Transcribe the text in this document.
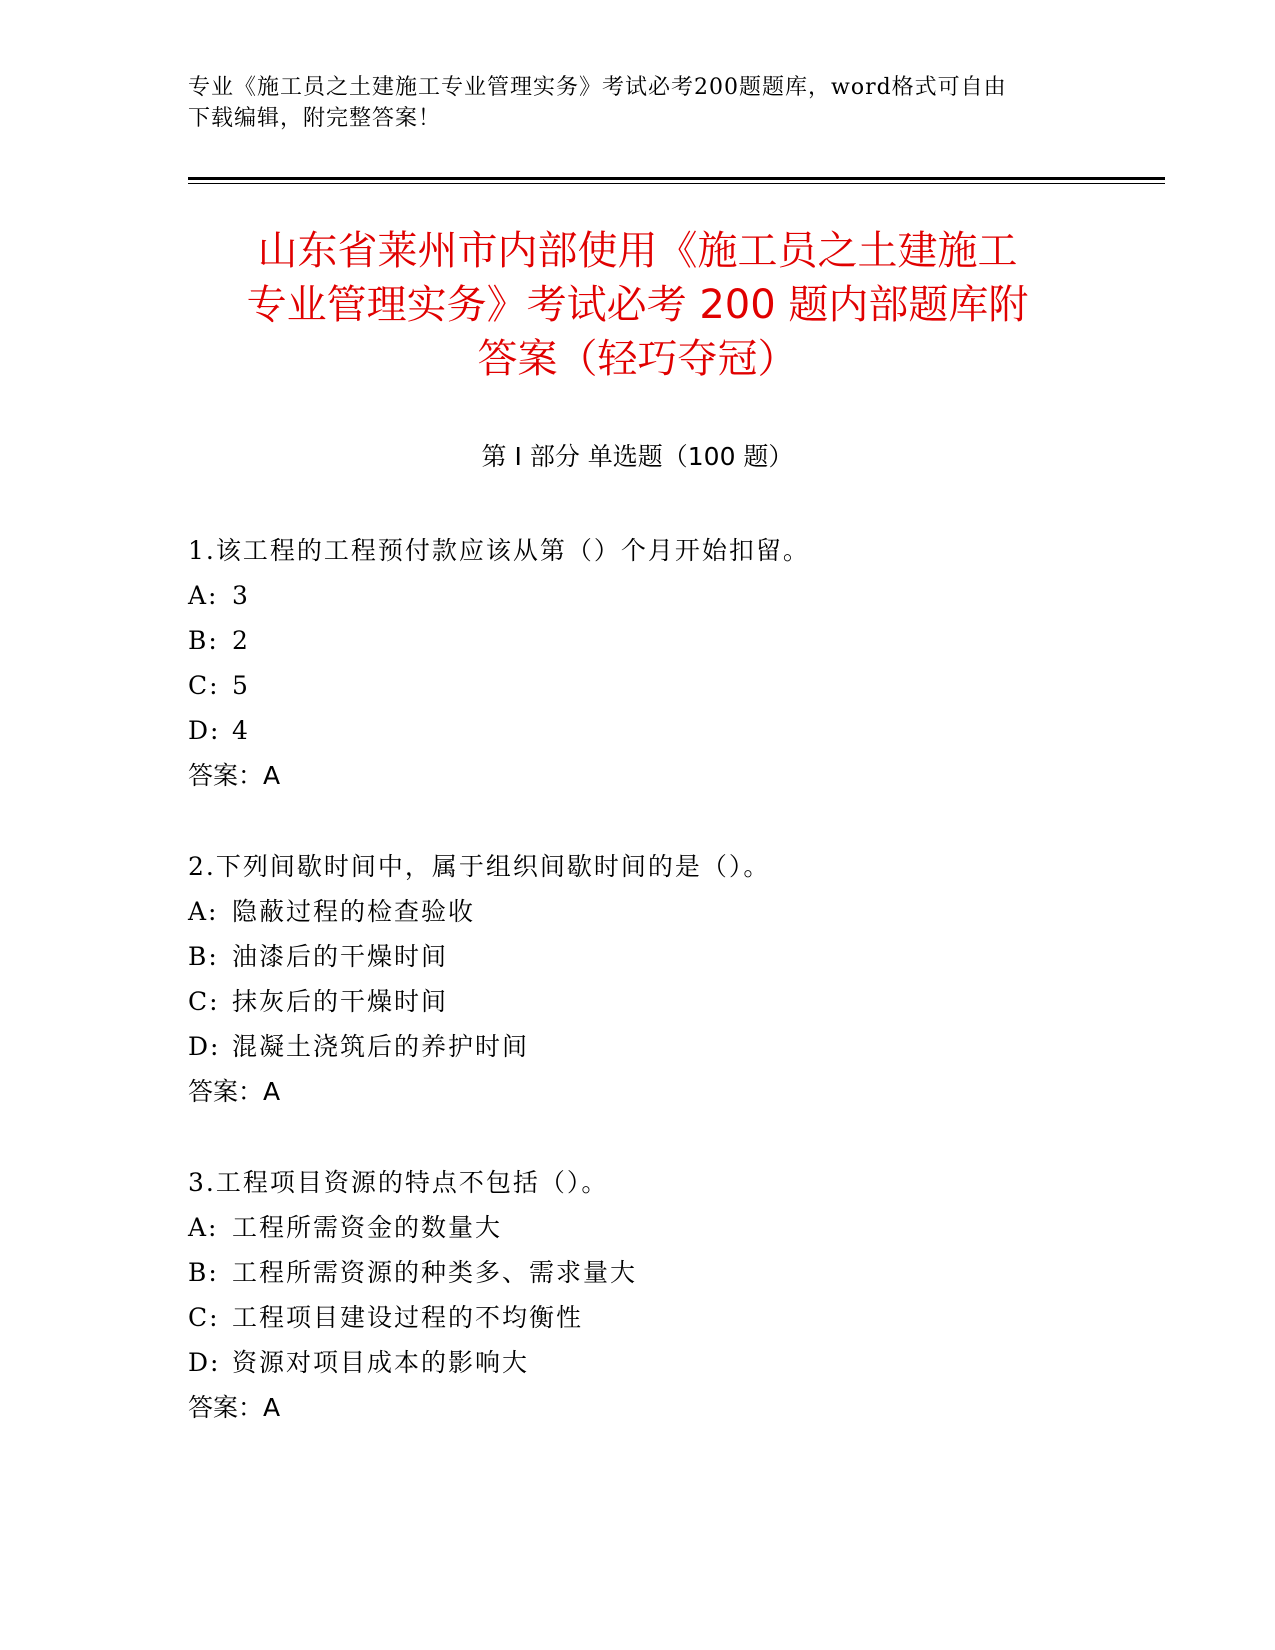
专业《施工员之土建施工专业管理实务》考试必考200题题库，word格式可自由
下载编辑，附完整答案！
山东省莱州市内部使用《施工员之土建施工
专业管理实务》考试必考 200 题内部题库附
答案（轻巧夺冠）
第 I 部分 单选题（100 题）
1.该工程的工程预付款应该从第（）个月开始扣留。
A: 3
B: 2
C: 5
D: 4
答案：A
2.下列间歇时间中，属于组织间歇时间的是（）。
A: 隐蔽过程的检查验收
B: 油漆后的干燥时间
C: 抹灰后的干燥时间
D: 混凝土浇筑后的养护时间
答案：A
3.工程项目资源的特点不包括（）。
A: 工程所需资金的数量大
B: 工程所需资源的种类多、需求量大
C: 工程项目建设过程的不均衡性
D: 资源对项目成本的影响大
答案：A
